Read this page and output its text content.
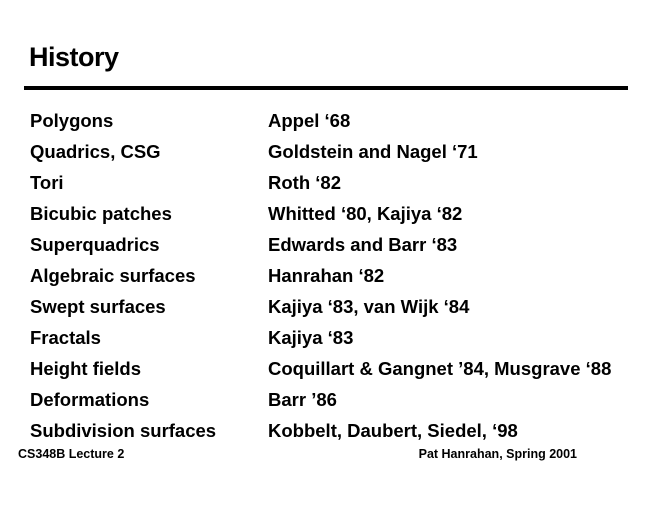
History
Polygons	Appel ‘68
Quadrics, CSG	Goldstein and Nagel ‘71
Tori	Roth ‘82
Bicubic patches	Whitted ‘80, Kajiya ‘82
Superquadrics	Edwards and Barr ‘83
Algebraic surfaces	Hanrahan ‘82
Swept surfaces	Kajiya ‘83, van Wijk ‘84
Fractals	Kajiya ‘83
Height fields	Coquillart & Gangnet ’84, Musgrave ‘88
Deformations	Barr ’86
Subdivision surfaces	Kobbelt, Daubert, Siedel, ‘98
CS348B Lecture 2	Pat Hanrahan, Spring 2001
